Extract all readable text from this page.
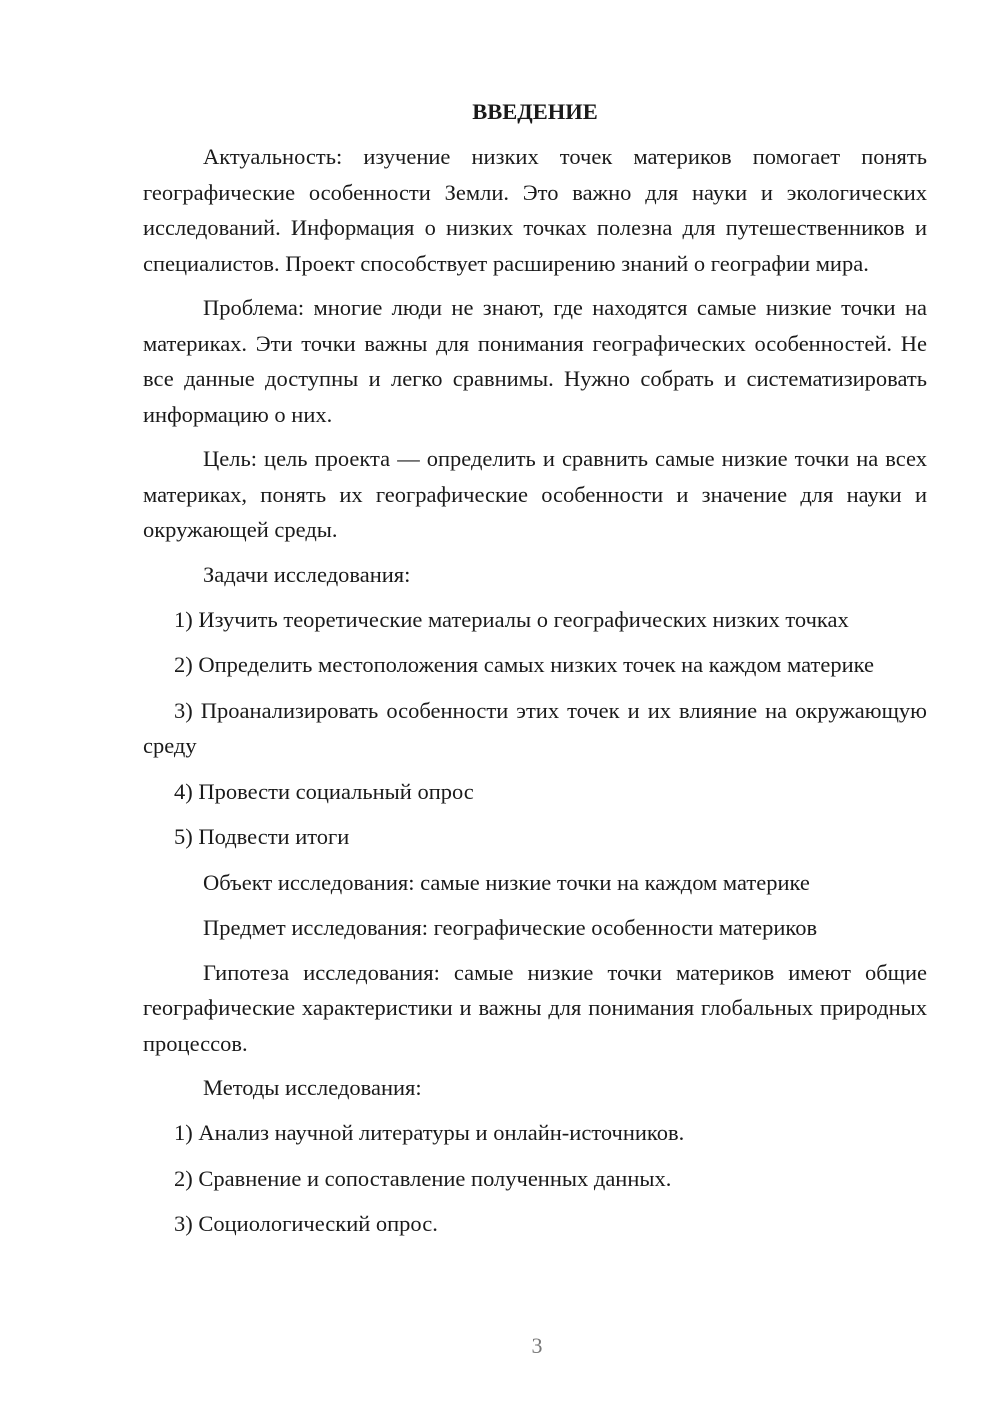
ВВЕДЕНИЕ
Актуальность: изучение низких точек материков помогает понять географические особенности Земли. Это важно для науки и экологических исследований. Информация о низких точках полезна для путешественников и специалистов. Проект способствует расширению знаний о географии мира.
Проблема: многие люди не знают, где находятся самые низкие точки на материках. Эти точки важны для понимания географических особенностей. Не все данные доступны и легко сравнимы. Нужно собрать и систематизировать информацию о них.
Цель: цель проекта — определить и сравнить самые низкие точки на всех материках, понять их географические особенности и значение для науки и окружающей среды.
Задачи исследования:
1) Изучить теоретические материалы о географических низких точках
2) Определить местоположения самых низких точек на каждом материке
3) Проанализировать особенности этих точек и их влияние на окружающую среду
4) Провести социальный опрос
5) Подвести итоги
Объект исследования: самые низкие точки на каждом материке
Предмет исследования: географические особенности материков
Гипотеза исследования: самые низкие точки материков имеют общие географические характеристики и важны для понимания глобальных природных процессов.
Методы исследования:
1) Анализ научной литературы и онлайн-источников.
2) Сравнение и сопоставление полученных данных.
3) Социологический опрос.
3
